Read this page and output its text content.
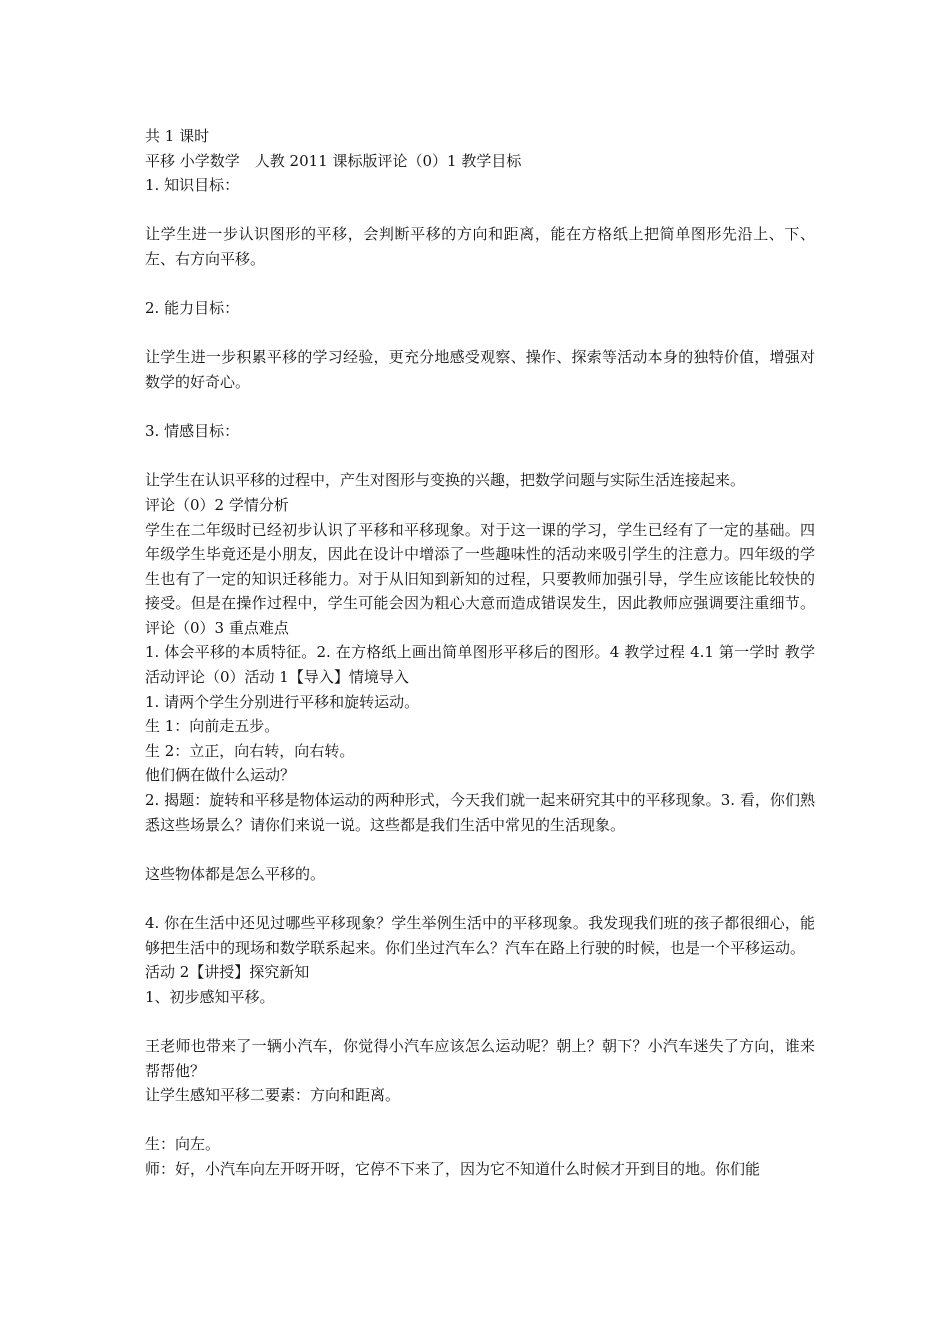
共 1 课时
平移 小学数学　人教 2011 课标版评论（0）1 教学目标
1. 知识目标：
让学生进一步认识图形的平移，会判断平移的方向和距离，能在方格纸上把简单图形先沿上、下、左、右方向平移。
2. 能力目标：
让学生进一步积累平移的学习经验，更充分地感受观察、操作、探索等活动本身的独特价值，增强对数学的好奇心。
3. 情感目标：
让学生在认识平移的过程中，产生对图形与变换的兴趣，把数学问题与实际生活连接起来。
评论（0）2 学情分析
学生在二年级时已经初步认识了平移和平移现象。对于这一课的学习，学生已经有了一定的基础。四年级学生毕竟还是小朋友，因此在设计中增添了一些趣味性的活动来吸引学生的注意力。四年级的学生也有了一定的知识迁移能力。对于从旧知到新知的过程，只要教师加强引导，学生应该能比较快的接受。但是在操作过程中，学生可能会因为粗心大意而造成错误发生，因此教师应强调要注重细节。评论（0）3 重点难点
1. 体会平移的本质特征。2. 在方格纸上画出简单图形平移后的图形。4 教学过程 4.1 第一学时 教学活动评论（0）活动 1【导入】情境导入
1. 请两个学生分别进行平移和旋转运动。
生 1：向前走五步。
生 2：立正，向右转，向右转。
他们俩在做什么运动？
2. 揭题：旋转和平移是物体运动的两种形式，今天我们就一起来研究其中的平移现象。3. 看，你们熟悉这些场景么？请你们来说一说。这些都是我们生活中常见的生活现象。
这些物体都是怎么平移的。
4. 你在生活中还见过哪些平移现象？学生举例生活中的平移现象。我发现我们班的孩子都很细心，能够把生活中的现场和数学联系起来。你们坐过汽车么？汽车在路上行驶的时候，也是一个平移运动。
活动 2【讲授】探究新知
1、初步感知平移。
王老师也带来了一辆小汽车，你觉得小汽车应该怎么运动呢？朝上？朝下？小汽车迷失了方向，谁来帮帮他？
让学生感知平移二要素：方向和距离。
生：向左。
师：好，小汽车向左开呀开呀，它停不下来了，因为它不知道什么时候才开到目的地。你们能
